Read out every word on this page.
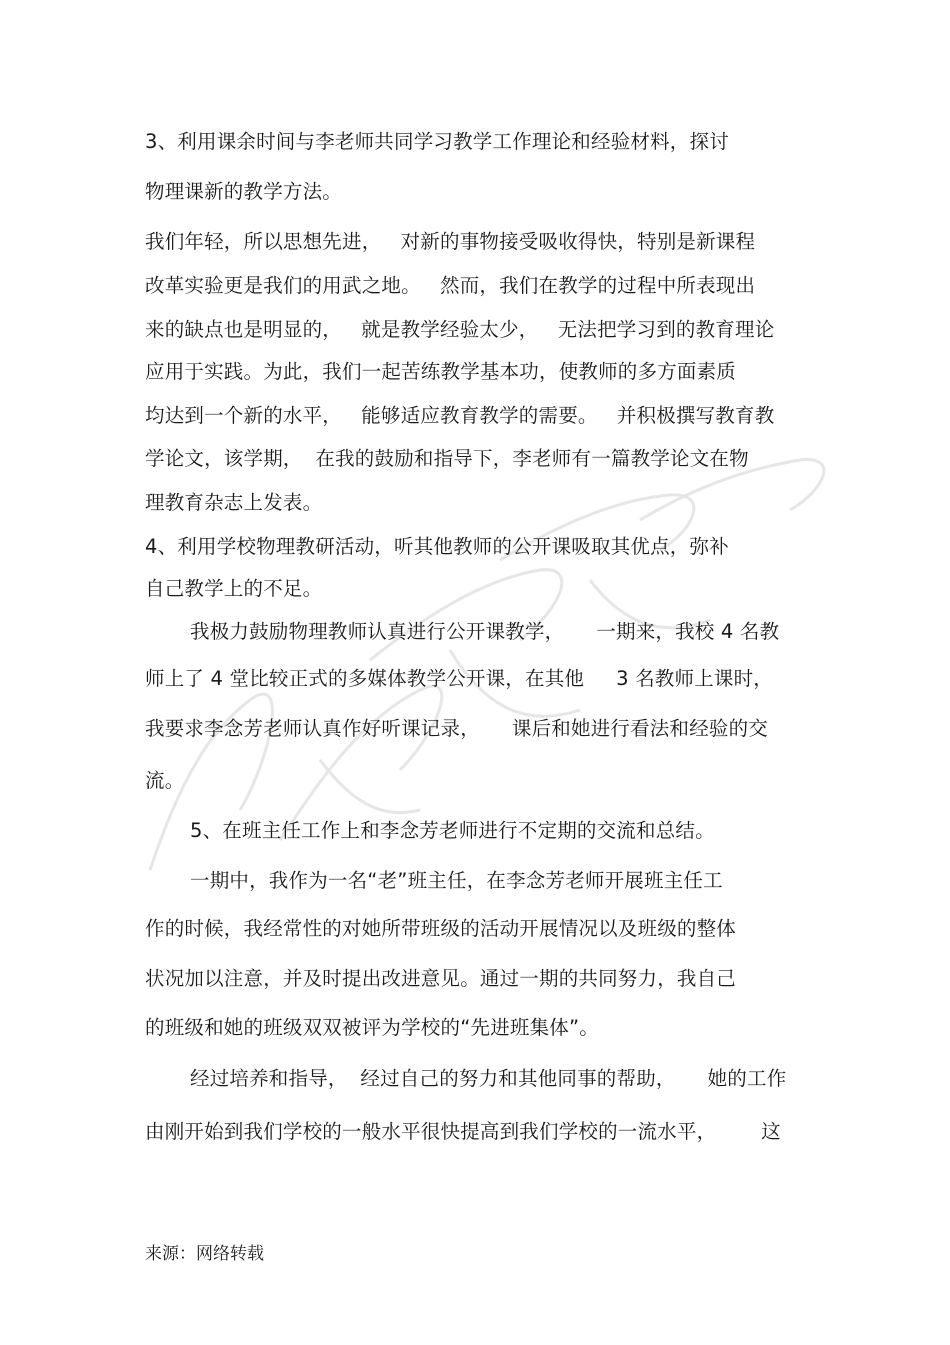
3、利用课余时间与李老师共同学习教学工作理论和经验材料，探讨
物理课新的教学方法。
我们年轻，所以思想先进，   对新的事物接受吸收得快，特别是新课程
改革实验更是我们的用武之地。   然而，我们在教学的过程中所表现出
来的缺点也是明显的，   就是教学经验太少，   无法把学习到的教育理论
应用于实践。为此，我们一起苦练教学基本功，使教师的多方面素质
均达到一个新的水平，   能够适应教育教学的需要。   并积极撰写教育教
学论文，该学期，  在我的鼓励和指导下，李老师有一篇教学论文在物
理教育杂志上发表。
4、利用学校物理教研活动，听其他教师的公开课吸取其优点，弥补
自己教学上的不足。
我极力鼓励物理教师认真进行公开课教学，     一期来，我校 4 名教
师上了 4 堂比较正式的多媒体教学公开课，在其他     3 名教师上课时，
我要求李念芳老师认真作好听课记录，     课后和她进行看法和经验的交
流。
5、在班主任工作上和李念芳老师进行不定期的交流和总结。
一期中，我作为一名“老”班主任，在李念芳老师开展班主任工
作的时候，我经常性的对她所带班级的活动开展情况以及班级的整体
状况加以注意，并及时提出改进意见。通过一期的共同努力，我自己
的班级和她的班级双双被评为学校的“先进班集体”。
经过培养和指导，  经过自己的努力和其他同事的帮助，     她的工作
由刚开始到我们学校的一般水平很快提高到我们学校的一流水平，       这
来源：网络转载
